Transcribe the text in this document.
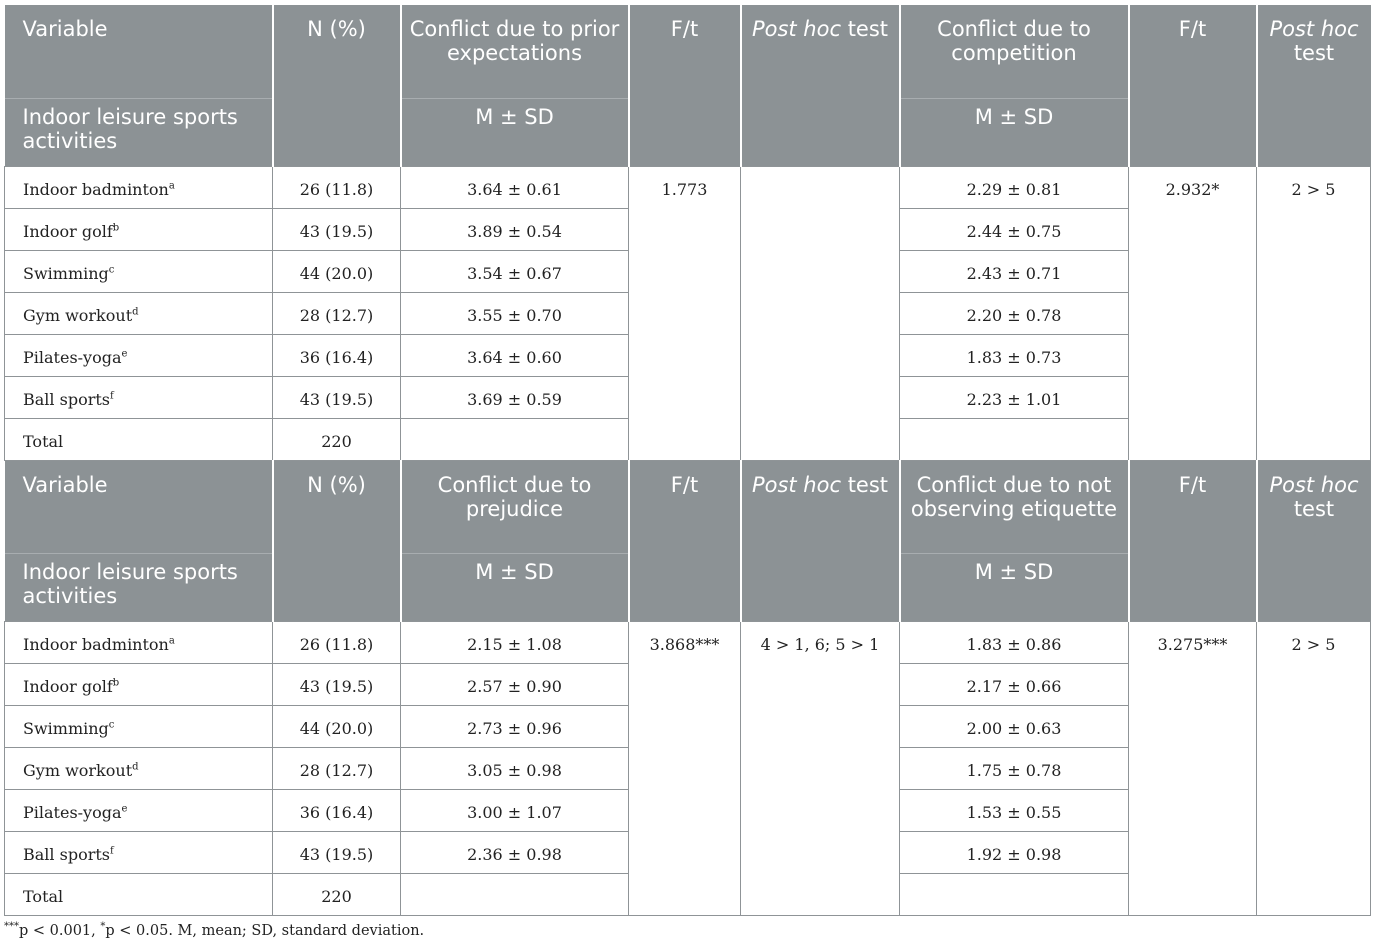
Variable	N (%)	Conflict due to prior expectations	F/t	Post hoc test	Conflict due to competition	F/t	Post hoc test
Indoor leisure sports activities		M ± SD			M ± SD		
Indoor badminton$^a$	26 (11.8)	3.64 ± 0.61	1.773		2.29 ± 0.81	2.932*	2 > 5
Indoor golf$^b$	43 (19.5)	3.89 ± 0.54			2.44 ± 0.75		
Swimming$^c$	44 (20.0)	3.54 ± 0.67			2.43 ± 0.71		
Gym workout$^d$	28 (12.7)	3.55 ± 0.70			2.20 ± 0.78		
Pilates-yoga$^e$	36 (16.4)	3.64 ± 0.60			1.83 ± 0.73		
Ball sports$^f$	43 (19.5)	3.69 ± 0.59			2.23 ± 1.01		
Total	220						
Variable	N (%)	Conflict due to prejudice	F/t	Post hoc test	Conflict due to not observing etiquette	F/t	Post hoc test
Indoor leisure sports activities		M ± SD			M ± SD		
Indoor badminton$^a$	26 (11.8)	2.15 ± 1.08	3.868***	4 > 1, 6; 5 > 1	1.83 ± 0.86	3.275***	2 > 5
Indoor golf$^b$	43 (19.5)	2.57 ± 0.90			2.17 ± 0.66		
Swimming$^c$	44 (20.0)	2.73 ± 0.96			2.00 ± 0.63		
Gym workout$^d$	28 (12.7)	3.05 ± 0.98			1.75 ± 0.78		
Pilates-yoga$^e$	36 (16.4)	3.00 ± 1.07			1.53 ± 0.55		
Ball sports$^f$	43 (19.5)	2.36 ± 0.98			1.92 ± 0.98		
Total	220						
***p < 0.001, *p < 0.05. M, mean; SD, standard deviation.
